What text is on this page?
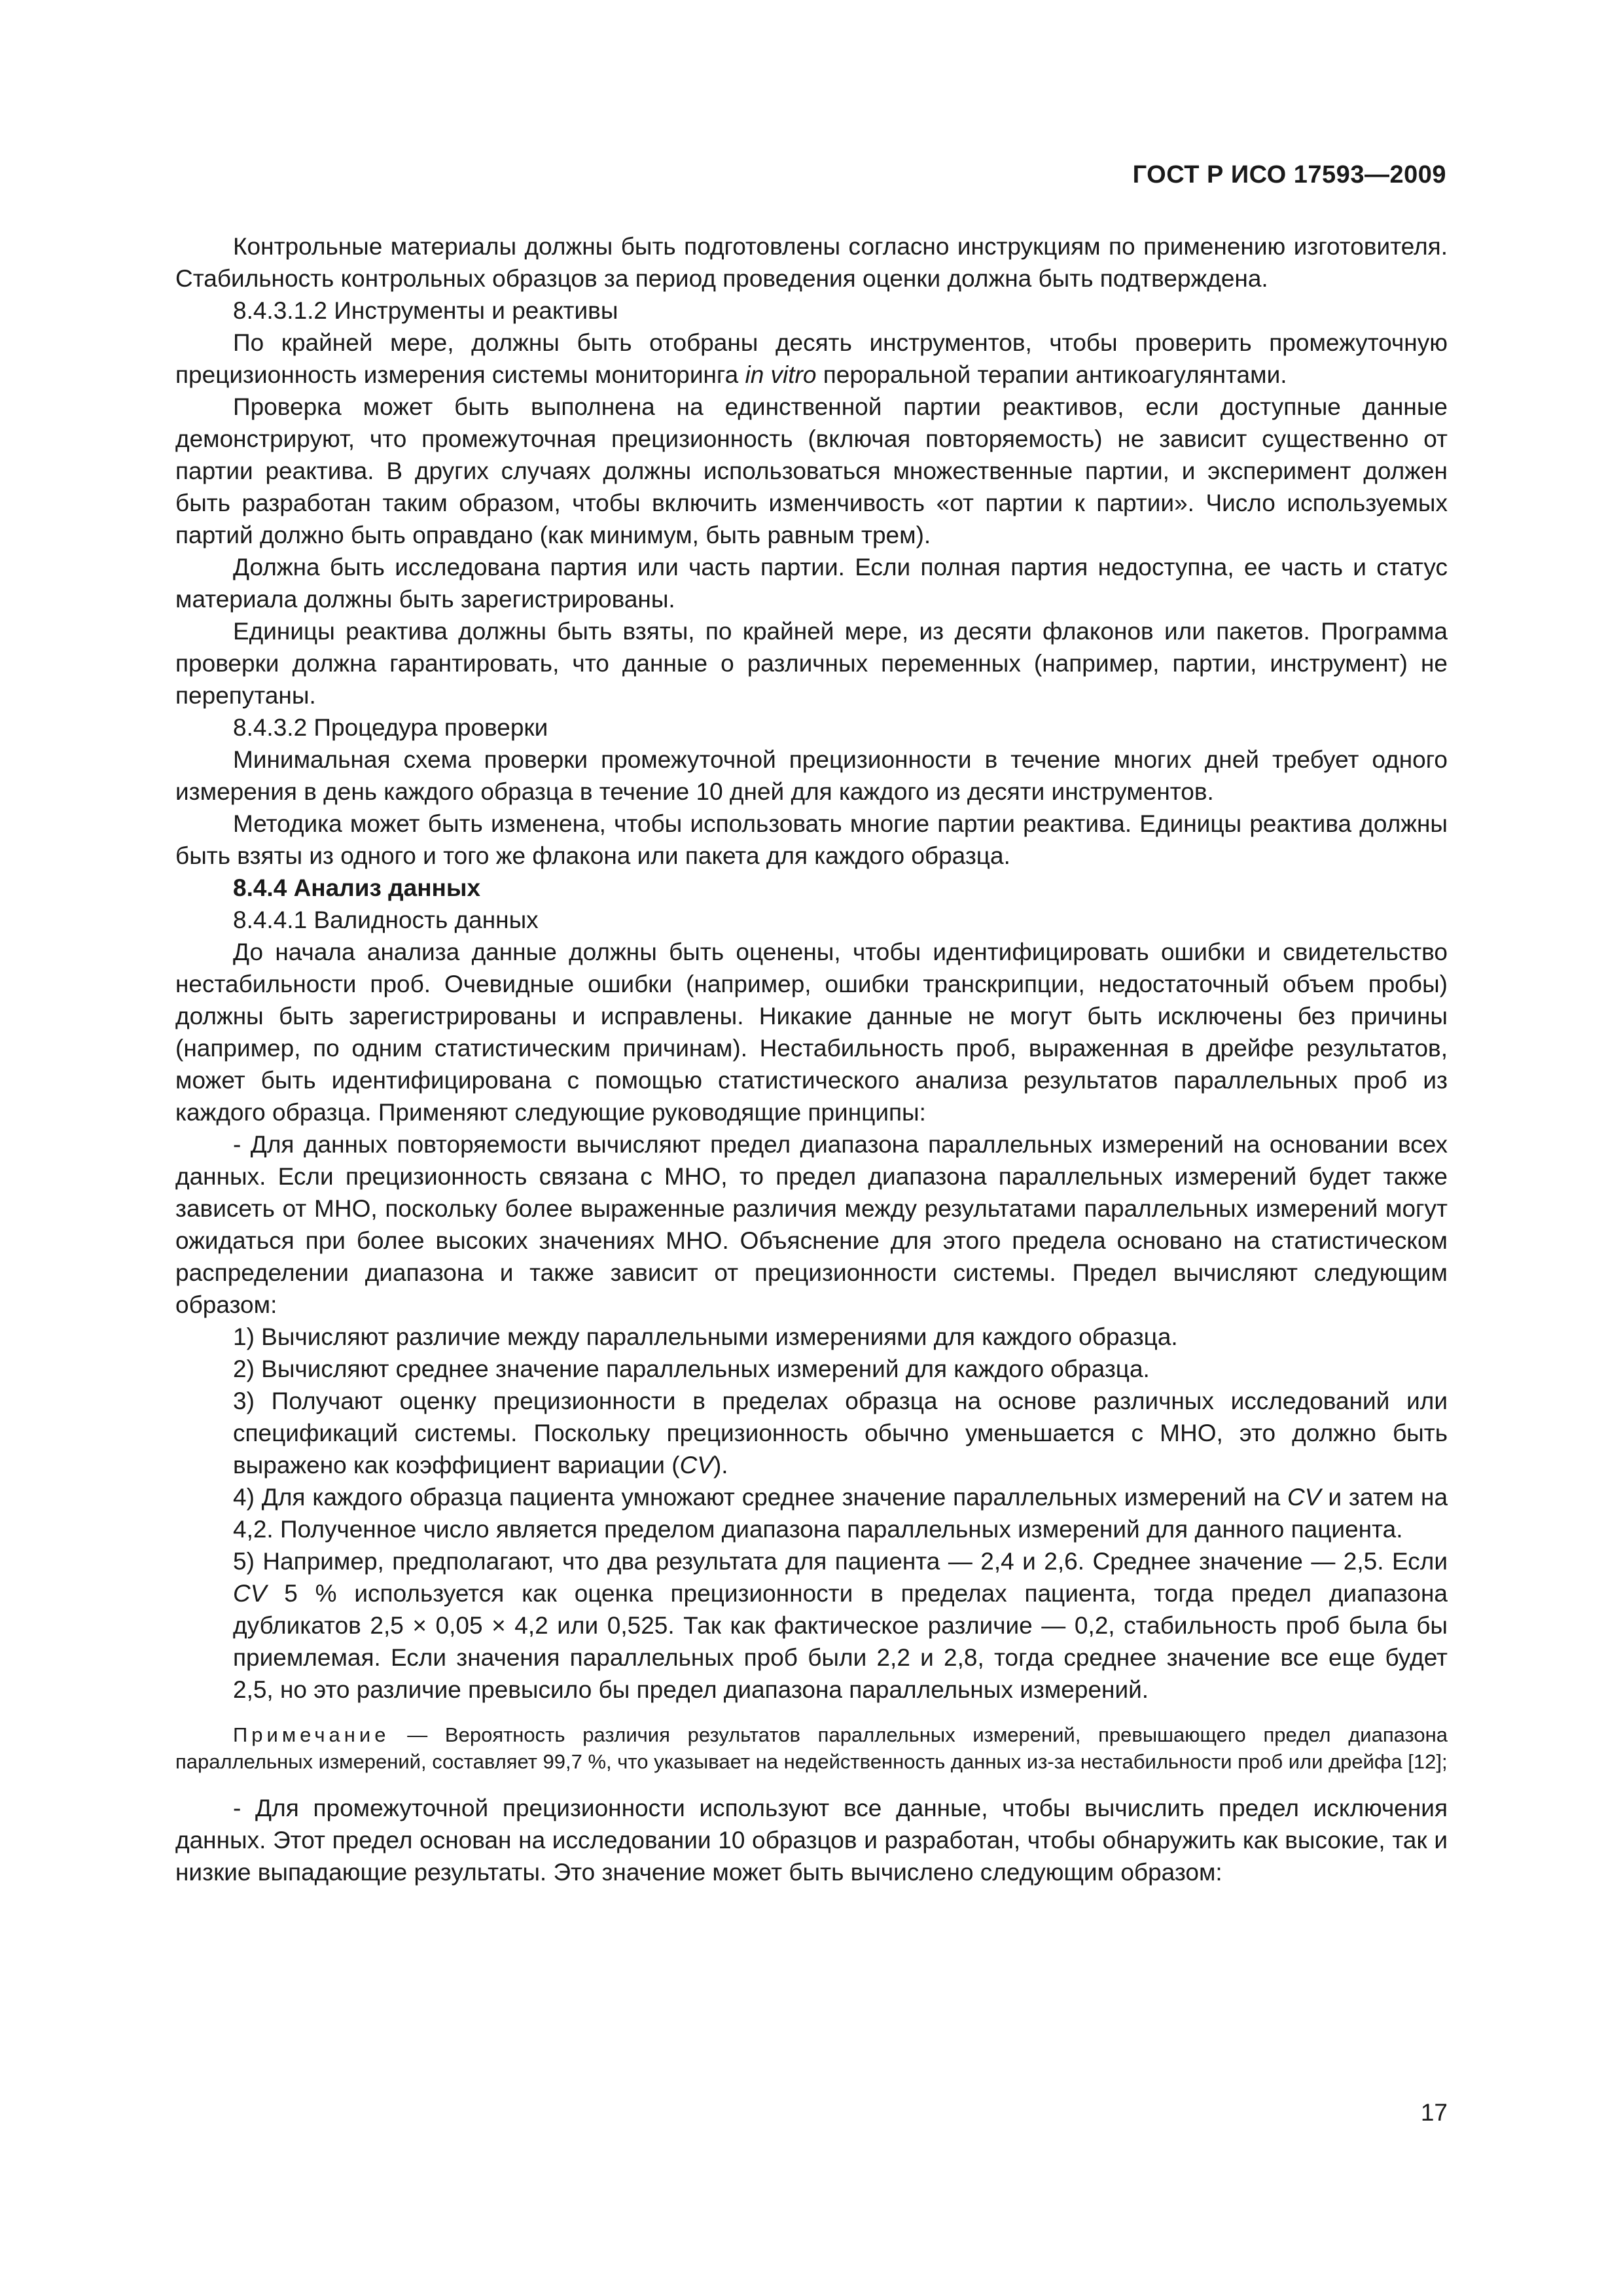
ГОСТ Р ИСО 17593—2009

Контрольные материалы должны быть подготовлены согласно инструкциям по применению изготовителя. Стабильность контрольных образцов за период проведения оценки должна быть подтверждена.

8.4.3.1.2 Инструменты и реактивы

По крайней мере, должны быть отобраны десять инструментов, чтобы проверить промежуточную прецизионность измерения системы мониторинга in vitro пероральной терапии антикоагулянтами.

Проверка может быть выполнена на единственной партии реактивов, если доступные данные демонстрируют, что промежуточная прецизионность (включая повторяемость) не зависит существенно от партии реактива. В других случаях должны использоваться множественные партии, и эксперимент должен быть разработан таким образом, чтобы включить изменчивость «от партии к партии». Число используемых партий должно быть оправдано (как минимум, быть равным трем).

Должна быть исследована партия или часть партии. Если полная партия недоступна, ее часть и статус материала должны быть зарегистрированы.

Единицы реактива должны быть взяты, по крайней мере, из десяти флаконов или пакетов. Программа проверки должна гарантировать, что данные о различных переменных (например, партии, инструмент) не перепутаны.

8.4.3.2 Процедура проверки

Минимальная схема проверки промежуточной прецизионности в течение многих дней требует одного измерения в день каждого образца в течение 10 дней для каждого из десяти инструментов.

Методика может быть изменена, чтобы использовать многие партии реактива. Единицы реактива должны быть взяты из одного и того же флакона или пакета для каждого образца.

8.4.4 Анализ данных

8.4.4.1 Валидность данных

До начала анализа данные должны быть оценены, чтобы идентифицировать ошибки и свидетельство нестабильности проб. Очевидные ошибки (например, ошибки транскрипции, недостаточный объем пробы) должны быть зарегистрированы и исправлены. Никакие данные не могут быть исключены без причины (например, по одним статистическим причинам). Нестабильность проб, выраженная в дрейфе результатов, может быть идентифицирована с помощью статистического анализа результатов параллельных проб из каждого образца. Применяют следующие руководящие принципы:

- Для данных повторяемости вычисляют предел диапазона параллельных измерений на основании всех данных. Если прецизионность связана с МНО, то предел диапазона параллельных измерений будет также зависеть от МНО, поскольку более выраженные различия между результатами параллельных измерений могут ожидаться при более высоких значениях МНО. Объяснение для этого предела основано на статистическом распределении диапазона и также зависит от прецизионности системы. Предел вычисляют следующим образом:

1) Вычисляют различие между параллельными измерениями для каждого образца.

2) Вычисляют среднее значение параллельных измерений для каждого образца.

3) Получают оценку прецизионности в пределах образца на основе различных исследований или спецификаций системы. Поскольку прецизионность обычно уменьшается с МНО, это должно быть выражено как коэффициент вариации (CV).

4) Для каждого образца пациента умножают среднее значение параллельных измерений на CV и затем на 4,2. Полученное число является пределом диапазона параллельных измерений для данного пациента.

5) Например, предполагают, что два результата для пациента — 2,4 и 2,6. Среднее значение — 2,5. Если CV 5 % используется как оценка прецизионности в пределах пациента, тогда предел диапазона дубликатов 2,5 × 0,05 × 4,2 или 0,525. Так как фактическое различие — 0,2, стабильность проб была бы приемлемая. Если значения параллельных проб были 2,2 и 2,8, тогда среднее значение все еще будет 2,5, но это различие превысило бы предел диапазона параллельных измерений.

Примечание — Вероятность различия результатов параллельных измерений, превышающего предел диапазона параллельных измерений, составляет 99,7 %, что указывает на недейственность данных из-за нестабильности проб или дрейфа [12];

- Для промежуточной прецизионности используют все данные, чтобы вычислить предел исключения данных. Этот предел основан на исследовании 10 образцов и разработан, чтобы обнаружить как высокие, так и низкие выпадающие результаты. Это значение может быть вычислено следующим образом:

17
